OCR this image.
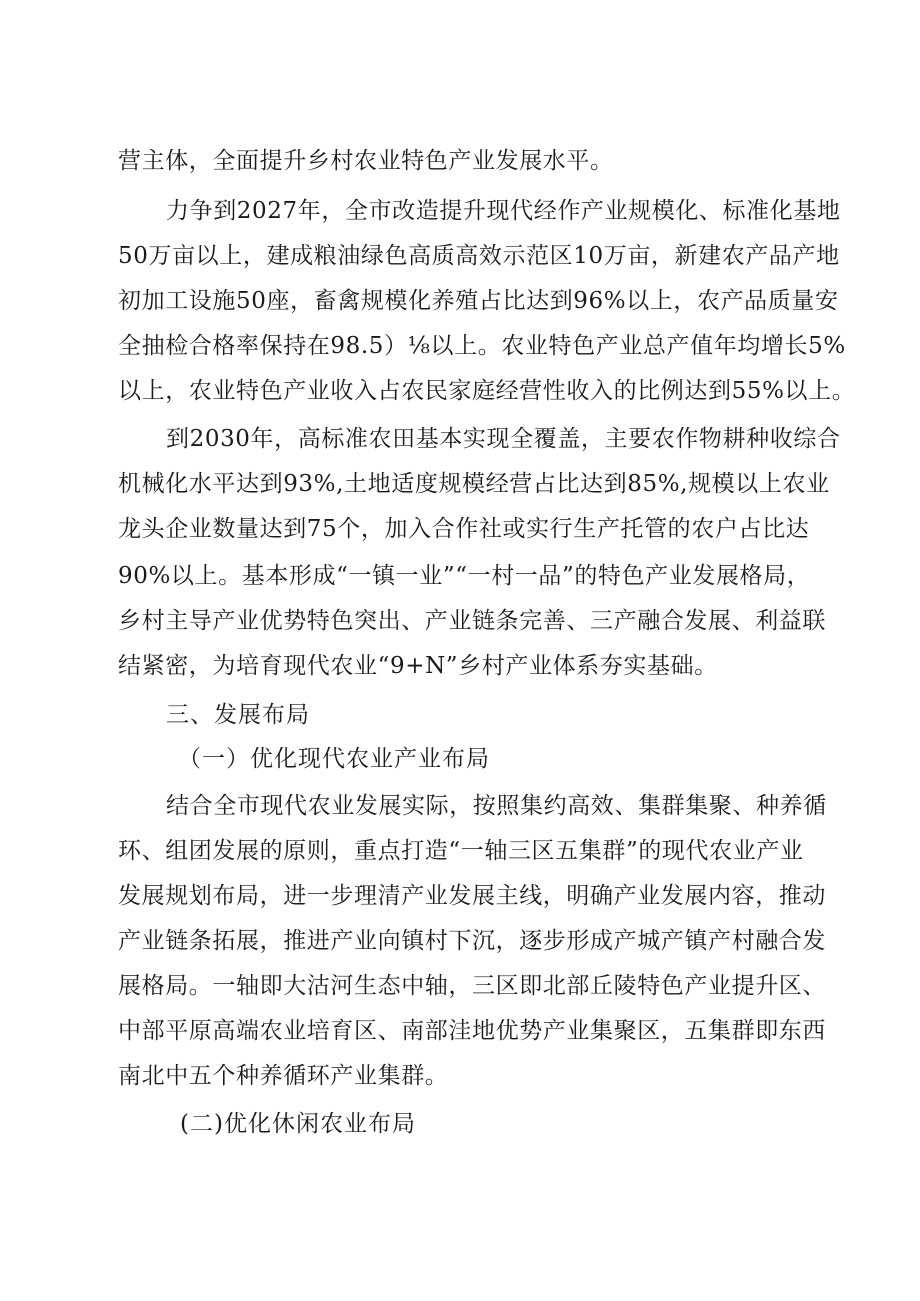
营主体，全面提升乡村农业特色产业发展水平。
力争到2027年，全市改造提升现代经作产业规模化、标准化基地
50万亩以上，建成粮油绿色高质高效示范区10万亩，新建农产品产地
初加工设施50座，畜禽规模化养殖占比达到96%以上，农产品质量安
全抽检合格率保持在98.5）⅛以上。农业特色产业总产值年均增长5%
以上，农业特色产业收入占农民家庭经营性收入的比例达到55%以上。
到2030年，高标准农田基本实现全覆盖，主要农作物耕种收综合
机械化水平达到93%,土地适度规模经营占比达到85%,规模以上农业
龙头企业数量达到75个，加入合作社或实行生产托管的农户占比达
90%以上。基本形成“一镇一业”“一村一品”的特色产业发展格局，
乡村主导产业优势特色突出、产业链条完善、三产融合发展、利益联
结紧密，为培育现代农业“9+N”乡村产业体系夯实基础。
三、发展布局
（一）优化现代农业产业布局
结合全市现代农业发展实际，按照集约高效、集群集聚、种养循
环、组团发展的原则，重点打造“一轴三区五集群”的现代农业产业
发展规划布局，进一步理清产业发展主线，明确产业发展内容，推动
产业链条拓展，推进产业向镇村下沉，逐步形成产城产镇产村融合发
展格局。一轴即大沽河生态中轴，三区即北部丘陵特色产业提升区、
中部平原高端农业培育区、南部洼地优势产业集聚区，五集群即东西
南北中五个种养循环产业集群。
(二)优化休闲农业布局
